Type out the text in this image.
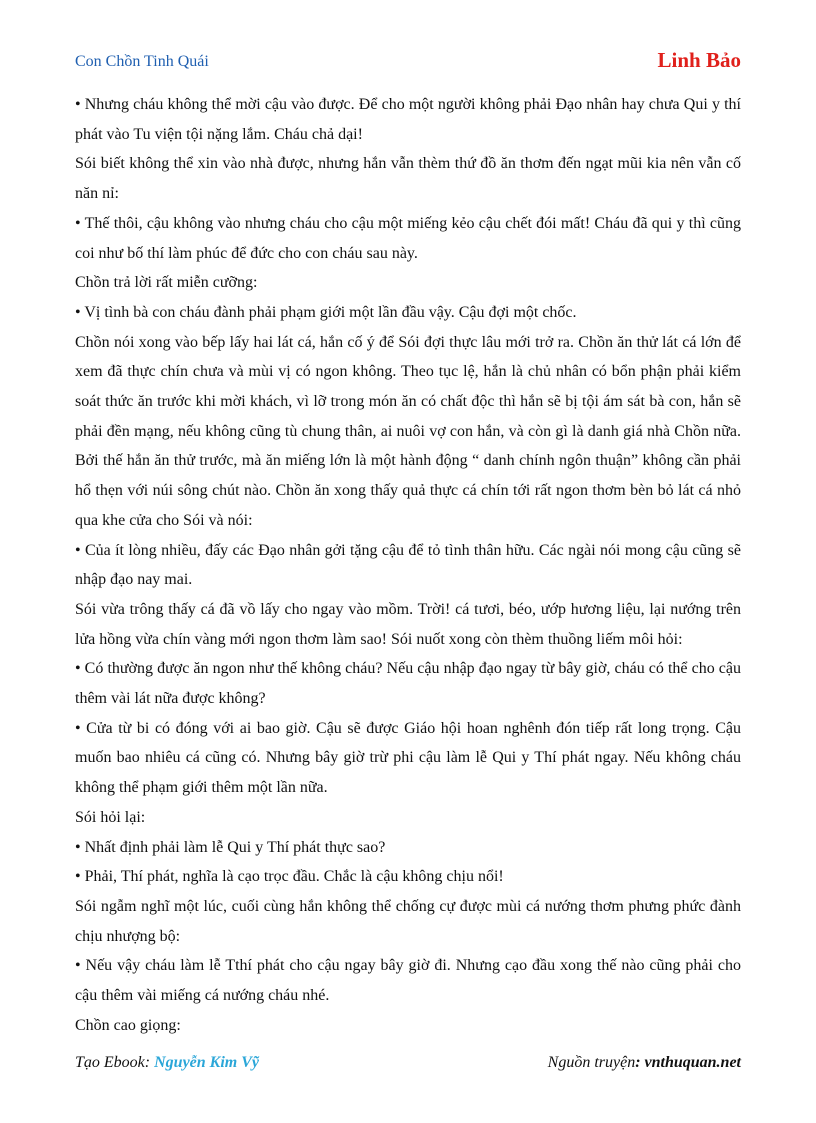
Con Chồn Tinh Quái	Linh Bảo

• Nhưng cháu không thể mời cậu vào được. Để cho một người không phải Đạo nhân hay chưa Qui y thí phát vào Tu viện tội nặng lắm. Cháu chả dại!

Sói biết không thể xin vào nhà được, nhưng hắn vẫn thèm thứ đồ ăn thơm đến ngạt mũi kia nên vẫn cố năn nỉ:

• Thế thôi, cậu không vào nhưng cháu cho cậu một miếng kẻo cậu chết đói mất! Cháu đã qui y thì cũng coi như bố thí làm phúc để đức cho con cháu sau này.

Chồn trả lời rất miễn cưỡng:

• Vị tình bà con cháu đành phải phạm giới một lần đầu vậy. Cậu đợi một chốc.

Chồn nói xong vào bếp lấy hai lát cá, hắn cố ý để Sói đợi thực lâu mới trở ra. Chồn ăn thử lát cá lớn để xem đã thực chín chưa và mùi vị có ngon không. Theo tục lệ, hắn là chủ nhân có bổn phận phải kiểm soát thức ăn trước khi mời khách, vì lỡ trong món ăn có chất độc thì hắn sẽ bị tội ám sát bà con, hắn sẽ phải đền mạng, nếu không cũng tù chung thân, ai nuôi vợ con hắn, và còn gì là danh giá nhà Chồn nữa. Bởi thế hắn ăn thử trước, mà ăn miếng lớn là một hành động “ danh chính ngôn thuận” không cần phải hổ thẹn với núi sông chút nào. Chồn ăn xong thấy quả thực cá chín tới rất ngon thơm bèn bỏ lát cá nhỏ qua khe cửa cho Sói và nói:

• Của ít lòng nhiều, đấy các Đạo nhân gởi tặng cậu để tỏ tình thân hữu. Các ngài nói mong cậu cũng sẽ nhập đạo nay mai.

Sói vừa trông thấy cá đã vồ lấy cho ngay vào mồm. Trời! cá tươi, béo, ướp hương liệu, lại nướng trên lửa hồng vừa chín vàng mới ngon thơm làm sao! Sói nuốt xong còn thèm thuồng liếm môi hỏi:

• Có thường được ăn ngon như thế không cháu? Nếu cậu nhập đạo ngay từ bây giờ, cháu có thể cho cậu thêm vài lát nữa được không?

• Cửa từ bi có đóng với ai bao giờ. Cậu sẽ được Giáo hội hoan nghênh đón tiếp rất long trọng. Cậu muốn bao nhiêu cá cũng có. Nhưng bây giờ trừ phi cậu làm lễ Qui y Thí phát ngay. Nếu không cháu không thể phạm giới thêm một lần nữa.

Sói hỏi lại:

• Nhất định phải làm lễ Qui y Thí phát thực sao?

• Phải, Thí phát, nghĩa là cạo trọc đầu. Chắc là cậu không chịu nổi!

Sói ngẫm nghĩ một lúc, cuối cùng hắn không thể chống cự được mùi cá nướng thơm phưng phức đành chịu nhượng bộ:

• Nếu vậy cháu làm lễ Tthí phát cho cậu ngay bây giờ đi. Nhưng cạo đầu xong thế nào cũng phải cho cậu thêm vài miếng cá nướng cháu nhé.

Chồn cao giọng:

Tạo Ebook: Nguyễn Kim Vỹ	Nguồn truyện: vnthuquan.net
